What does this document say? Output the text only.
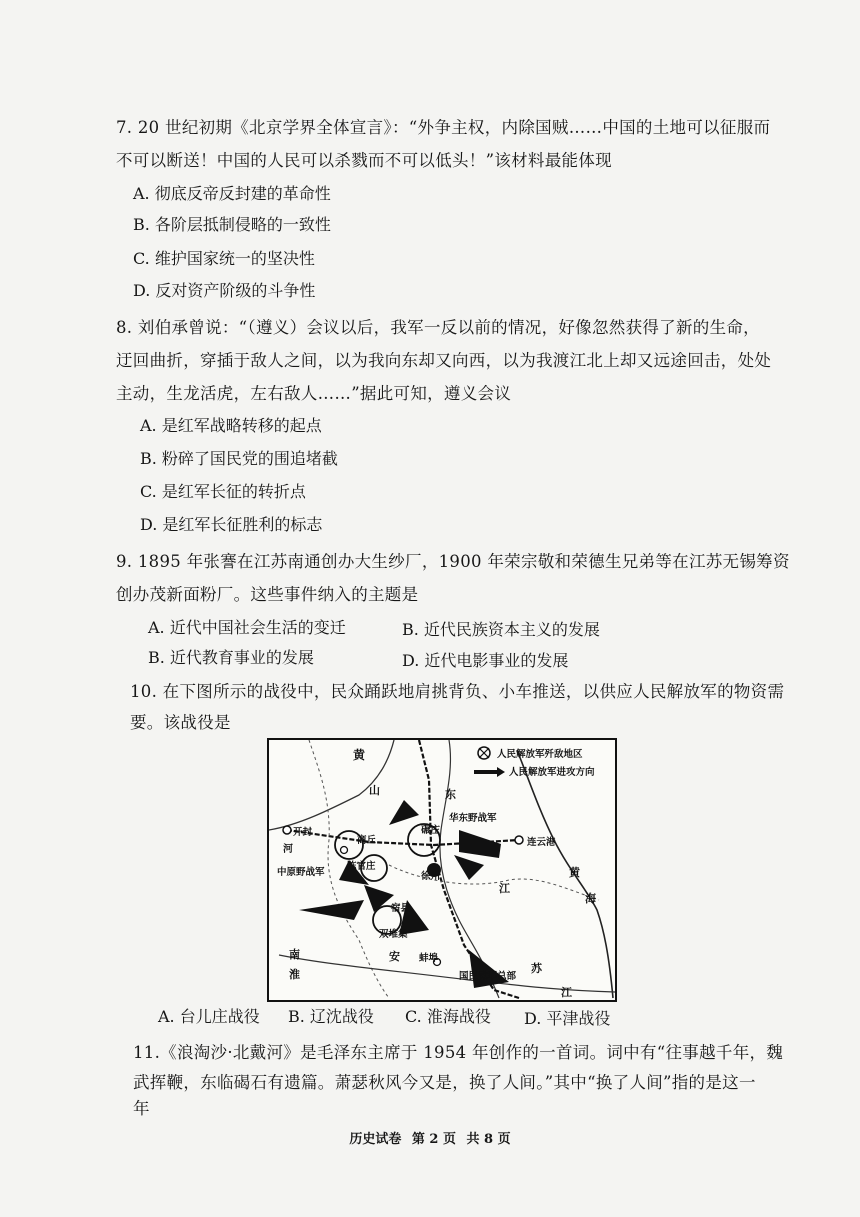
7. 20 世纪初期《北京学界全体宣言》：“外争主权，内除国贼……中国的土地可以征服而
不可以断送！中国的人民可以杀戮而不可以低头！”该材料最能体现
A. 彻底反帝反封建的革命性
B. 各阶层抵制侵略的一致性
C. 维护国家统一的坚决性
D. 反对资产阶级的斗争性
8. 刘伯承曾说：“（遵义）会议以后，我军一反以前的情况，好像忽然获得了新的生命，
迂回曲折，穿插于敌人之间，以为我向东却又向西，以为我渡江北上却又远途回击，处处
主动，生龙活虎，左右敌人……”据此可知，遵义会议
A. 是红军战略转移的起点
B. 粉碎了国民党的围追堵截
C. 是红军长征的转折点
D. 是红军长征胜利的标志
9. 1895 年张謇在江苏南通创办大生纱厂，1900 年荣宗敬和荣德生兄弟等在江苏无锡筹资
创办茂新面粉厂。这些事件纳入的主题是
A. 近代中国社会生活的变迁	B. 近代民族资本主义的发展
B. 近代教育事业的发展	D. 近代电影事业的发展
10. 在下图所示的战役中，民众踊跃地肩挑背负、小车推送，以供应人民解放军的物资需
要。该战役是
人民解放军歼敌地区
人民解放军进攻方向
黄
山	东
华东野战军
商丘
开封	碾庄
陈官庄
徐州
连云港
黄
海
河
中原野战军
江
宿县
双堆集
南	蚌埠
安
苏
淮	国民党军总部
江
A. 台儿庄战役 B. 辽沈战役 C. 淮海战役 D. 平津战役
11.《浪淘沙·北戴河》是毛泽东主席于 1954 年创作的一首词。词中有“往事越千年，魏
武挥鞭，东临碣石有遗篇。萧瑟秋风今又是，换了人间。”其中“换了人间”指的是这一
年
历史试卷 第 2 页 共 8 页
